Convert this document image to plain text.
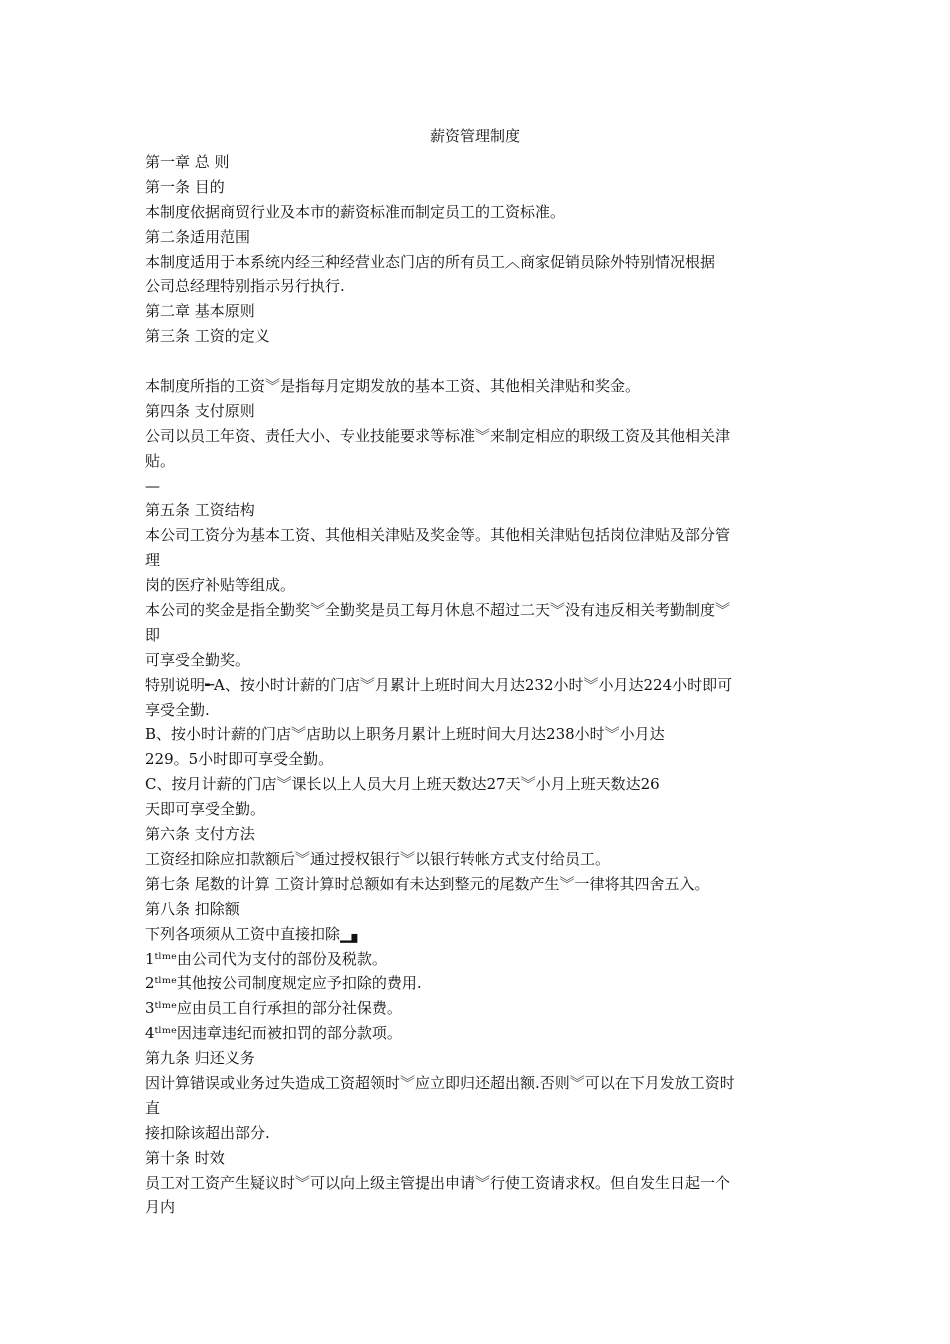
薪资管理制度
第一章 总 则
第一条 目的
本制度依据商贸行业及本市的薪资标准而制定员工的工资标准。
第二条适用范围
本制度适用于本系统内经三种经营业态门店的所有员工︿商家促销员除外特别情况根据
公司总经理特别指示另行执行.
第二章 基本原则
第三条 工资的定义
本制度所指的工资︾是指每月定期发放的基本工资、其他相关津贴和奖金。
第四条 支付原则
公司以员工年资、责任大小、专业技能要求等标准︾来制定相应的职级工资及其他相关津
贴。
—
第五条 工资结构
本公司工资分为基本工资、其他相关津贴及奖金等。其他相关津贴包括岗位津贴及部分管
理
岗的医疗补贴等组成。
本公司的奖金是指全勤奖︾全勤奖是员工每月休息不超过二天︾没有违反相关考勤制度︾
即
可享受全勤奖。
特别说明╾A、按小时计薪的门店︾月累计上班时间大月达232小时︾小月达224小时即可
享受全勤.
B、按小时计薪的门店︾店助以上职务月累计上班时间大月达238小时︾小月达
229。5小时即可享受全勤。
C、按月计薪的门店︾课长以上人员大月上班天数达27天︾小月上班天数达26
天即可享受全勤。
第六条 支付方法
工资经扣除应扣款额后︾通过授权银行︾以银行转帐方式支付给员工。
第七条 尾数的计算 工资计算时总额如有未达到整元的尾数产生︾一律将其四舍五入。
第八条 扣除额
下列各项须从工资中直接扣除▁▖
1ᵗˡᵐᵉ由公司代为支付的部份及税款。
2ᵗˡᵐᵉ其他按公司制度规定应予扣除的费用.
3ᵗˡᵐᵉ应由员工自行承担的部分社保费。
4ᵗˡᵐᵉ因违章违纪而被扣罚的部分款项。
第九条 归还义务
因计算错误或业务过失造成工资超领时︾应立即归还超出额.否则︾可以在下月发放工资时
直
接扣除该超出部分.
第十条 时效
员工对工资产生疑议时︾可以向上级主管提出申请︾行使工资请求权。但自发生日起一个
月内
